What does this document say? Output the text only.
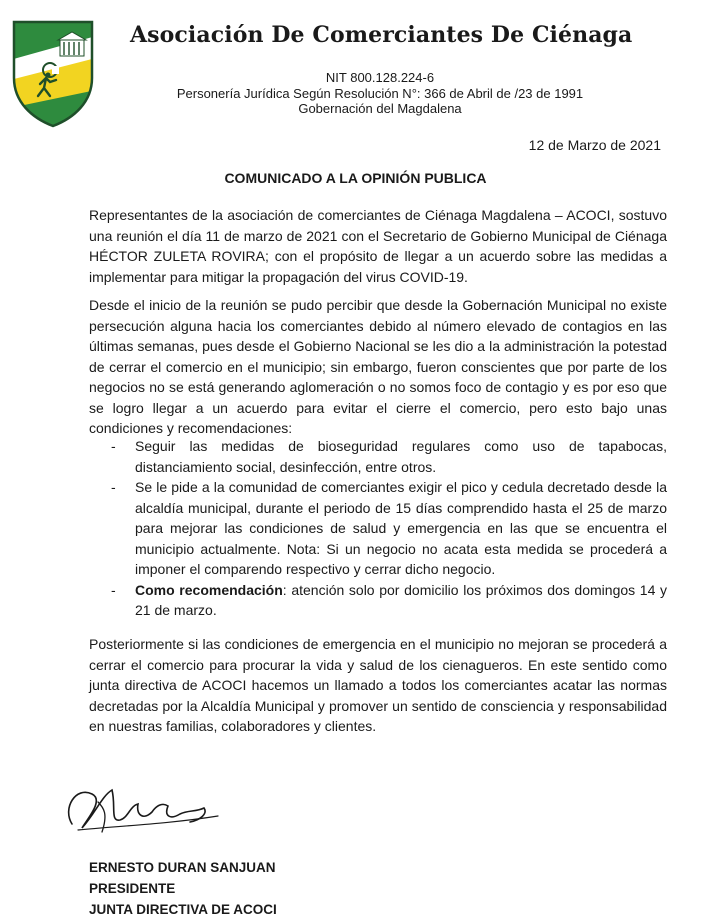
Asociación De Comerciantes De Ciénaga
NIT 800.128.224-6
Personería Jurídica Según Resolución N°: 366 de Abril de /23 de 1991
Gobernación del Magdalena
12 de Marzo de 2021
COMUNICADO A LA OPINIÓN PUBLICA
Representantes de la asociación de comerciantes de Ciénaga Magdalena – ACOCI, sostuvo una reunión el día 11 de marzo de 2021 con el Secretario de Gobierno Municipal de Ciénaga HÉCTOR ZULETA ROVIRA; con el propósito de llegar a un acuerdo sobre las medidas a implementar para mitigar la propagación del virus COVID-19.
Desde el inicio de la reunión se pudo percibir que desde la Gobernación Municipal no existe persecución alguna hacia los comerciantes debido al número elevado de contagios en las últimas semanas, pues desde el Gobierno Nacional se les dio a la administración la potestad de cerrar el comercio en el municipio; sin embargo, fueron conscientes que por parte de los negocios no se está generando aglomeración o no somos foco de contagio y es por eso que se logro llegar a un acuerdo para evitar el cierre el comercio, pero esto bajo unas condiciones y recomendaciones:
- Seguir las medidas de bioseguridad regulares como uso de tapabocas, distanciamiento social, desinfección, entre otros.
- Se le pide a la comunidad de comerciantes exigir el pico y cedula decretado desde la alcaldía municipal, durante el periodo de 15 días comprendido hasta el 25 de marzo para mejorar las condiciones de salud y emergencia en las que se encuentra el municipio actualmente. Nota: Si un negocio no acata esta medida se procederá a imponer el comparendo respectivo y cerrar dicho negocio.
- Como recomendación: atención solo por domicilio los próximos dos domingos 14 y 21 de marzo.
Posteriormente si las condiciones de emergencia en el municipio no mejoran se procederá a cerrar el comercio para procurar la vida y salud de los cienagueros. En este sentido como junta directiva de ACOCI hacemos un llamado a todos los comerciantes acatar las normas decretadas por la Alcaldía Municipal y promover un sentido de consciencia y responsabilidad en nuestras familias, colaboradores y clientes.
ERNESTO DURAN SANJUAN
PRESIDENTE
JUNTA DIRECTIVA DE ACOCI
